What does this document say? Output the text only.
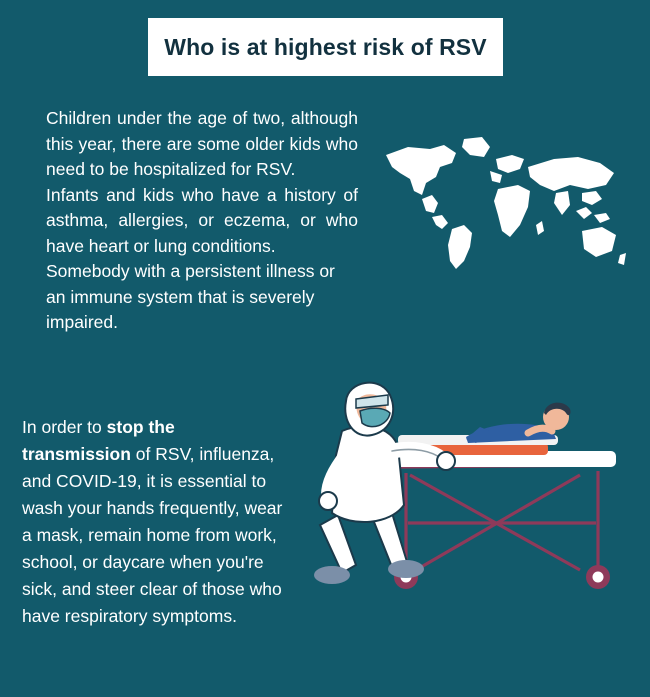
Who is at highest risk of RSV

Children under the age of two, although this year, there are some older kids who need to be hospitalized for RSV.

Infants and kids who have a history of asthma, allergies, or eczema, or who have heart or lung conditions.

Somebody with a persistent illness or an immune system that is severely impaired.

In order to stop the transmission of RSV, influenza, and COVID-19, it is essential to wash your hands frequently, wear a mask, remain home from work, school, or daycare when you're sick, and steer clear of those who have respiratory symptoms.
